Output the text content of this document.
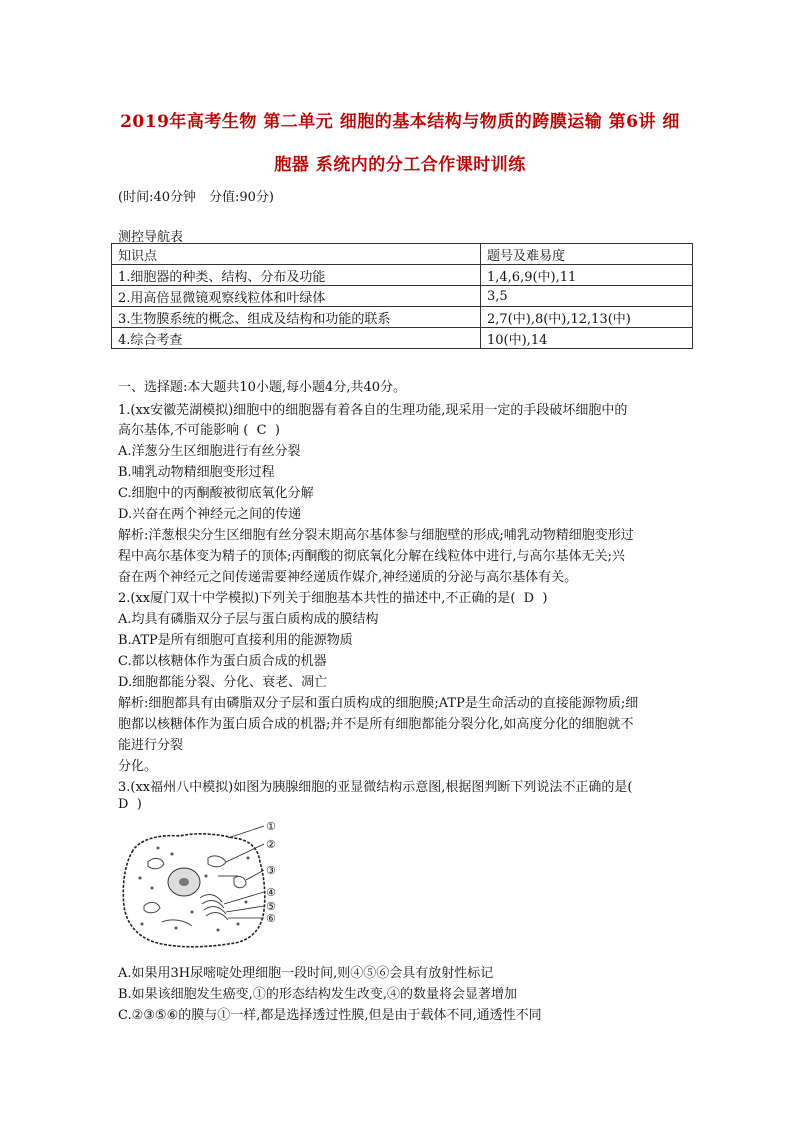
2019年高考生物 第二单元 细胞的基本结构与物质的跨膜运输 第6讲 细
胞器 系统内的分工合作课时训练
(时间:40分钟　分值:90分)
测控导航表
知识点	题号及难易度
1.细胞器的种类、结构、分布及功能	1,4,6,9(中),11
2.用高倍显微镜观察线粒体和叶绿体	3,5
3.生物膜系统的概念、组成及结构和功能的联系	2,7(中),8(中),12,13(中)
4.综合考查	10(中),14
一、选择题:本大题共10小题,每小题4分,共40分。
1.(xx安徽芜湖模拟)细胞中的细胞器有着各自的生理功能,现采用一定的手段破坏细胞中的
高尔基体,不可能影响 (  C  )
A.洋葱分生区细胞进行有丝分裂
B.哺乳动物精细胞变形过程
C.细胞中的丙酮酸被彻底氧化分解
D.兴奋在两个神经元之间的传递
解析:洋葱根尖分生区细胞有丝分裂末期高尔基体参与细胞壁的形成;哺乳动物精细胞变形过
程中高尔基体变为精子的顶体;丙酮酸的彻底氧化分解在线粒体中进行,与高尔基体无关;兴
奋在两个神经元之间传递需要神经递质作媒介,神经递质的分泌与高尔基体有关。
2.(xx厦门双十中学模拟)下列关于细胞基本共性的描述中,不正确的是(  D  )
A.均具有磷脂双分子层与蛋白质构成的膜结构
B.ATP是所有细胞可直接利用的能源物质
C.都以核糖体作为蛋白质合成的机器
D.细胞都能分裂、分化、衰老、凋亡
解析:细胞都具有由磷脂双分子层和蛋白质构成的细胞膜;ATP是生命活动的直接能源物质;细
胞都以核糖体作为蛋白质合成的机器;并不是所有细胞都能分裂分化,如高度分化的细胞就不
能进行分裂
分化。
3.(xx福州八中模拟)如图为胰腺细胞的亚显微结构示意图,根据图判断下列说法不正确的是(
D  )
①
②
③
④
⑤
⑥
A.如果用3H尿嘧啶处理细胞一段时间,则④⑤⑥会具有放射性标记
B.如果该细胞发生癌变,①的形态结构发生改变,④的数量将会显著增加
C.②③⑤⑥的膜与①一样,都是选择透过性膜,但是由于载体不同,通透性不同
